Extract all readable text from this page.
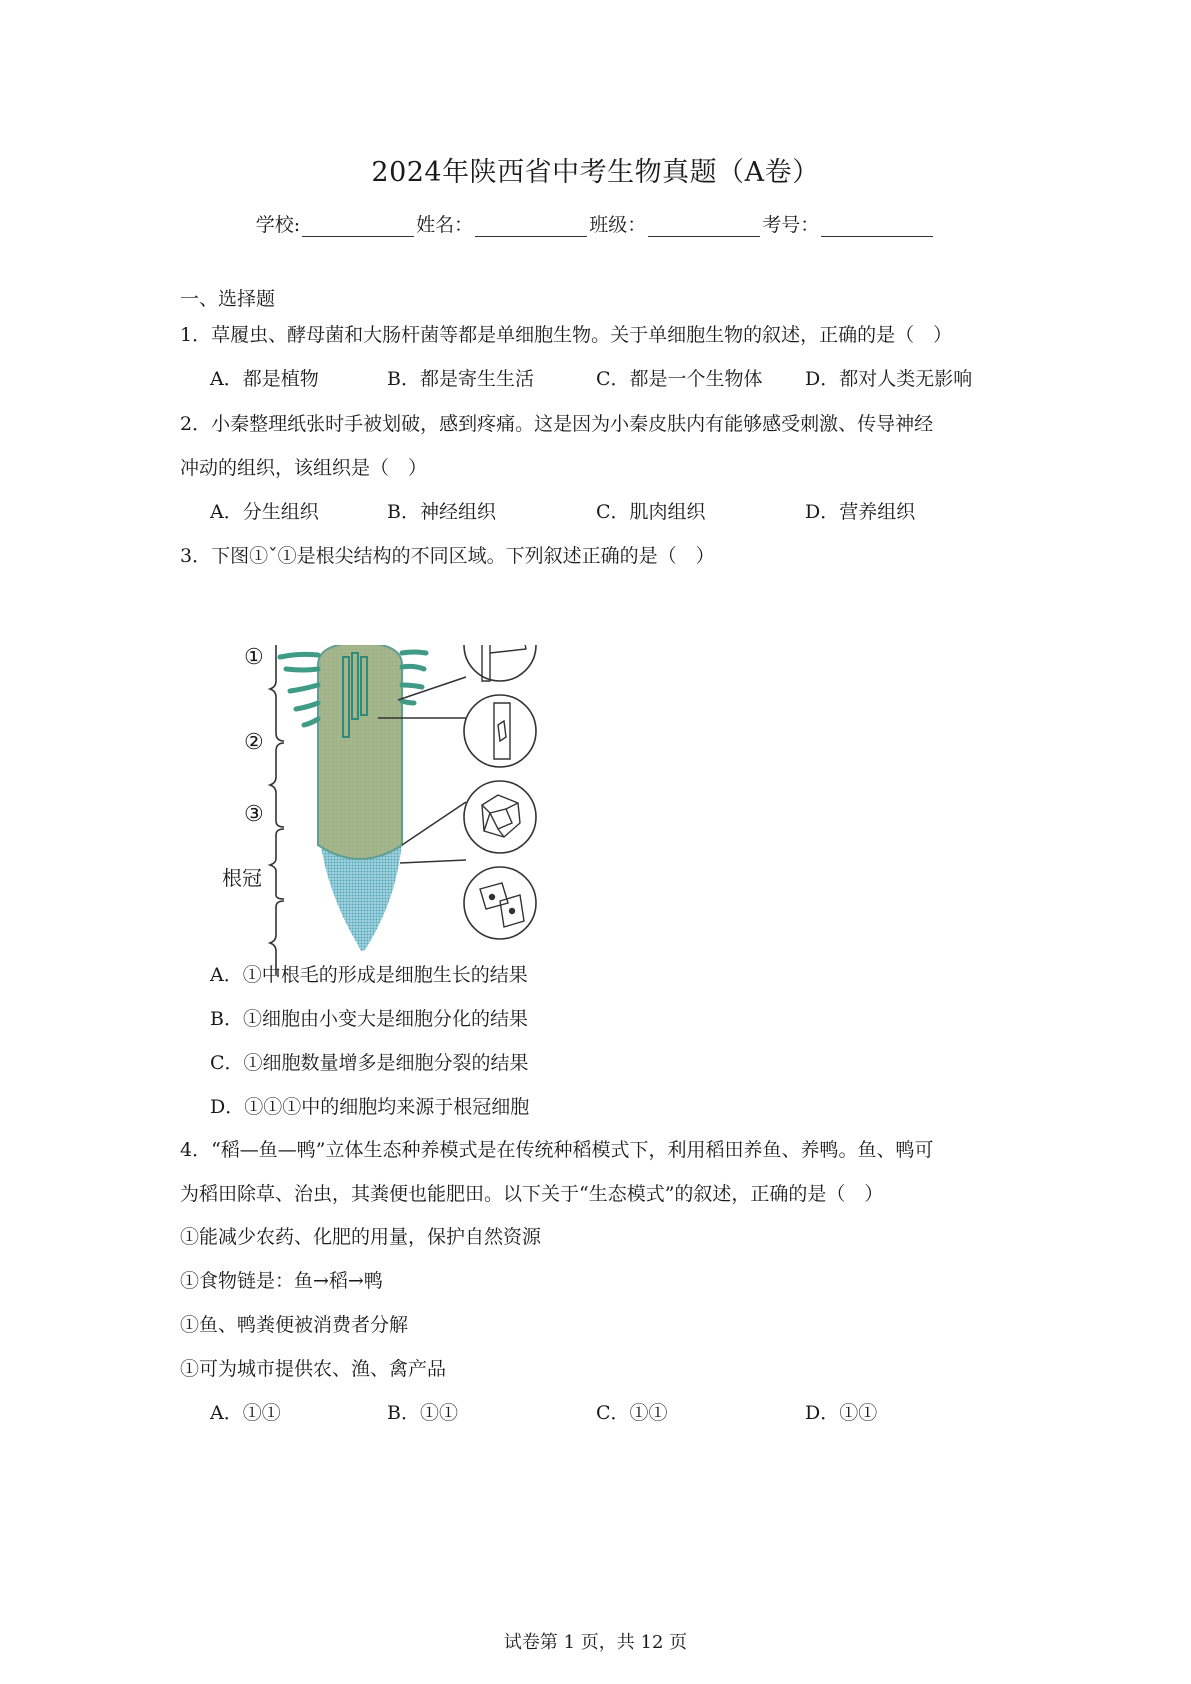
2024年陕西省中考生物真题（A卷）
学校:	姓名：	班级：	考号：
一、选择题
1．草履虫、酵母菌和大肠杆菌等都是单细胞生物。关于单细胞生物的叙述，正确的是（　）
A．都是植物	B．都是寄生生活	C．都是一个生物体 D．都对人类无影响
2．小秦整理纸张时手被划破，感到疼痛。这是因为小秦皮肤内有能够感受刺激、传导神经
冲动的组织，该组织是（　）
A．分生组织	B．神经组织	C．肌肉组织	D．营养组织
3．下图①ˇ①是根尖结构的不同区域。下列叙述正确的是（　）
①
②
③
根冠
A．①中根毛的形成是细胞生长的结果
B．①细胞由小变大是细胞分化的结果
C．①细胞数量增多是细胞分裂的结果
D．①①①中的细胞均来源于根冠细胞
4．“稻—鱼—鸭”立体生态种养模式是在传统种稻模式下，利用稻田养鱼、养鸭。鱼、鸭可
为稻田除草、治虫，其粪便也能肥田。以下关于“生态模式”的叙述，正确的是（　）
①能减少农药、化肥的用量，保护自然资源
①食物链是：鱼→稻→鸭
①鱼、鸭粪便被消费者分解
①可为城市提供农、渔、禽产品
A．①①	B．①①	C．①①	D．①①
试卷第 1 页，共 12 页
